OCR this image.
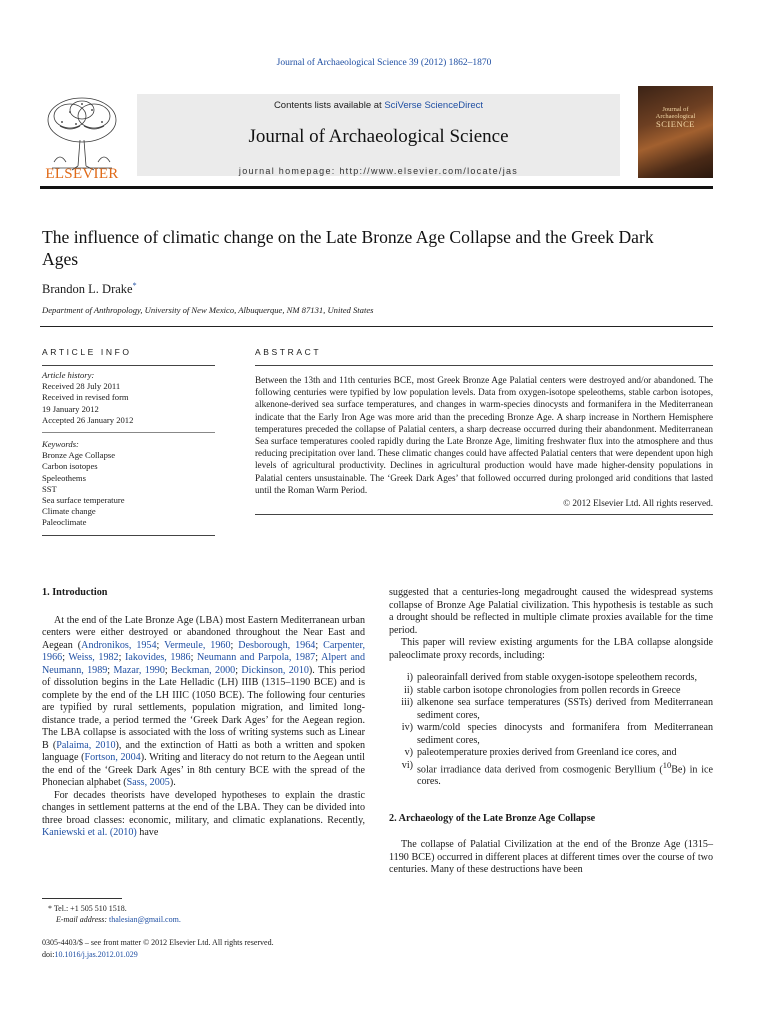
Journal of Archaeological Science 39 (2012) 1862–1870
ELSEVIER
Contents lists available at SciVerse ScienceDirect
Journal of Archaeological Science
journal homepage: http://www.elsevier.com/locate/jas
Journal of
Archaeological
SCIENCE
The influence of climatic change on the Late Bronze Age Collapse and the Greek Dark Ages
Brandon L. Drake*
Department of Anthropology, University of New Mexico, Albuquerque, NM 87131, United States
ARTICLE INFO
Article history:
Received 28 July 2011
Received in revised form
19 January 2012
Accepted 26 January 2012
Keywords:
Bronze Age Collapse
Carbon isotopes
Speleothems
SST
Sea surface temperature
Climate change
Paleoclimate
ABSTRACT
Between the 13th and 11th centuries BCE, most Greek Bronze Age Palatial centers were destroyed and/or abandoned. The following centuries were typified by low population levels. Data from oxygen-isotope speleothems, stable carbon isotopes, alkenone-derived sea surface temperatures, and changes in warm-species dinocysts and formanifera in the Mediterranean indicate that the Early Iron Age was more arid than the preceding Bronze Age. A sharp increase in Northern Hemisphere temperatures preceded the collapse of Palatial centers, a sharp decrease occurred during their abandonment. Mediterranean Sea surface temperatures cooled rapidly during the Late Bronze Age, limiting freshwater flux into the atmosphere and thus reducing precipitation over land. These climatic changes could have affected Palatial centers that were dependent upon high levels of agricultural productivity. Declines in agricultural production would have made higher-density populations in Palatial centers unsustainable. The ‘Greek Dark Ages’ that followed occurred during prolonged arid conditions that lasted until the Roman Warm Period.
© 2012 Elsevier Ltd. All rights reserved.
1. Introduction

At the end of the Late Bronze Age (LBA) most Eastern Mediterranean urban centers were either destroyed or abandoned throughout the Near East and Aegean (Andronikos, 1954; Vermeule, 1960; Desborough, 1964; Carpenter, 1966; Weiss, 1982; Iakovides, 1986; Neumann and Parpola, 1987; Alpert and Neumann, 1989; Mazar, 1990; Beckman, 2000; Dickinson, 2010). This period of dissolution begins in the Late Helladic (LH) IIIB (1315–1190 BCE) and is complete by the end of the LH IIIC (1050 BCE). The following four centuries are typified by rural settlements, population migration, and limited long-distance trade, a period termed the ‘Greek Dark Ages’ for the Aegean region. The LBA collapse is associated with the loss of writing systems such as Linear B (Palaima, 2010), and the extinction of Hatti as both a written and spoken language (Fortson, 2004). Writing and literacy do not return to the Aegean until the end of the ‘Greek Dark Ages’ in 8th century BCE with the spread of the Phonecian alphabet (Sass, 2005).

For decades theorists have developed hypotheses to explain the drastic changes in settlement patterns at the end of the LBA. They can be divided into three broad classes: economic, military, and climatic explanations. Recently, Kaniewski et al. (2010) have

suggested that a centuries-long megadrought caused the widespread systems collapse of Bronze Age Palatial civilization. This hypothesis is testable as such a drought should be reflected in multiple climate proxies available for the time period.

This paper will review existing arguments for the LBA collapse alongside paleoclimate proxy records, including:

i) paleorainfall derived from stable oxygen-isotope speleothem records,
ii) stable carbon isotope chronologies from pollen records in Greece
iii) alkenone sea surface temperatures (SSTs) derived from Mediterranean sediment cores,
iv) warm/cold species dinocysts and formanifera from Mediterranean sediment cores,
v) paleotemperature proxies derived from Greenland ice cores, and
vi) solar irradiance data derived from cosmogenic Beryllium ($^{10}$Be) in ice cores.
2. Archaeology of the Late Bronze Age Collapse

The collapse of Palatial Civilization at the end of the Bronze Age (1315–1190 BCE) occurred in different places at different times over the course of two centuries. Many of these destructions have been

* Tel.: +1 505 510 1518.
E-mail address: thalesian@gmail.com.
0305-4403/$ – see front matter © 2012 Elsevier Ltd. All rights reserved.
doi:10.1016/j.jas.2012.01.029
